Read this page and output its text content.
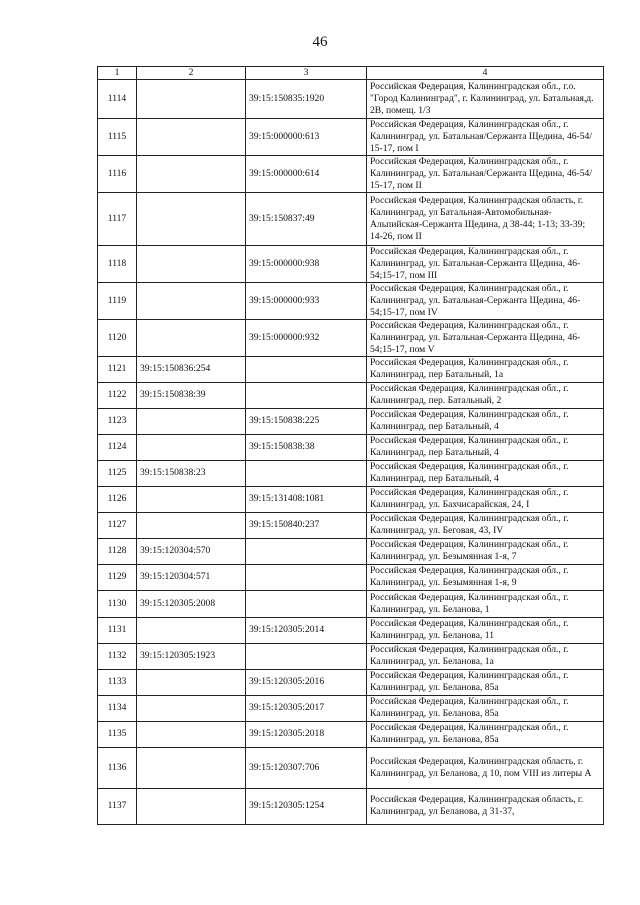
46
1	2	3	4
1114		39:15:150835:1920	Российская Федерация, Калининградская обл., г.о. "Город Калининград", г. Калининград, ул. Батальная,д. 2В, помещ. 1/3
1115		39:15:000000:613	Российская Федерация, Калининградская обл., г. Калининград, ул. Батальная/Сержанта Щедина, 46-54/ 15-17, пом I
1116		39:15:000000:614	Российская Федерация, Калининградская обл., г. Калининград, ул. Батальная/Сержанта Щедина, 46-54/ 15-17, пом II
1117		39:15:150837:49	Российская Федерация, Калининградская область, г. Калининград, ул Батальная-Автомобильная-Альпийская-Сержанта Щедина, д 38-44; 1-13; 33-39; 14-26, пом II
1118		39:15:000000:938	Российская Федерация, Калининградская обл., г. Калининград, ул. Батальная-Сержанта Щедина, 46-54;15-17, пом III
1119		39:15:000000:933	Российская Федерация, Калининградская обл., г. Калининград, ул. Батальная-Сержанта Щедина, 46-54;15-17, пом IV
1120		39:15:000000:932	Российская Федерация, Калининградская обл., г. Калининград, ул. Батальная-Сержанта Щедина, 46-54;15-17, пом V
1121	39:15:150836:254		Российская Федерация, Калининградская обл., г. Калининград, пер Батальный, 1а
1122	39:15:150838:39		Российская Федерация, Калининградская обл., г. Калининград, пер. Батальный, 2
1123		39:15:150838:225	Российская Федерация, Калининградская обл., г. Калининград, пер Батальный, 4
1124		39:15:150838:38	Российская Федерация, Калининградская обл., г. Калининград, пер Батальный, 4
1125	39:15:150838:23		Российская Федерация, Калининградская обл., г. Калининград, пер Батальный, 4
1126		39:15:131408:1081	Российская Федерация, Калининградская обл., г. Калининград, ул. Бахчисарайская, 24, I
1127		39:15:150840:237	Российская Федерация, Калининградская обл., г. Калининград, ул. Беговая, 43, IV
1128	39:15:120304:570		Российская Федерация, Калининградская обл., г. Калининград, ул. Безымянная 1-я, 7
1129	39:15:120304:571		Российская Федерация, Калининградская обл., г. Калининград, ул. Безымянная 1-я, 9
1130	39:15:120305:2008		Российская Федерация, Калининградская обл., г. Калининград, ул. Беланова, 1
1131		39:15:120305:2014	Российская Федерация, Калининградская обл., г. Калининград, ул. Беланова, 11
1132	39:15:120305:1923		Российская Федерация, Калининградская обл., г. Калининград, ул. Беланова, 1а
1133		39:15:120305:2016	Российская Федерация, Калининградская обл., г. Калининград, ул. Беланова, 85а
1134		39:15:120305:2017	Российская Федерация, Калининградская обл., г. Калининград, ул. Беланова, 85а
1135		39:15:120305:2018	Российская Федерация, Калининградская обл., г. Калининград, ул. Беланова, 85а
1136		39:15:120307:706	Российская Федерация, Калининградская область, г. Калининград, ул Беланова, д 10, пом VIII из литеры А
1137		39:15:120305:1254	Российская Федерация, Калининградская область, г. Калининград, ул Беланова, д 31-37,
